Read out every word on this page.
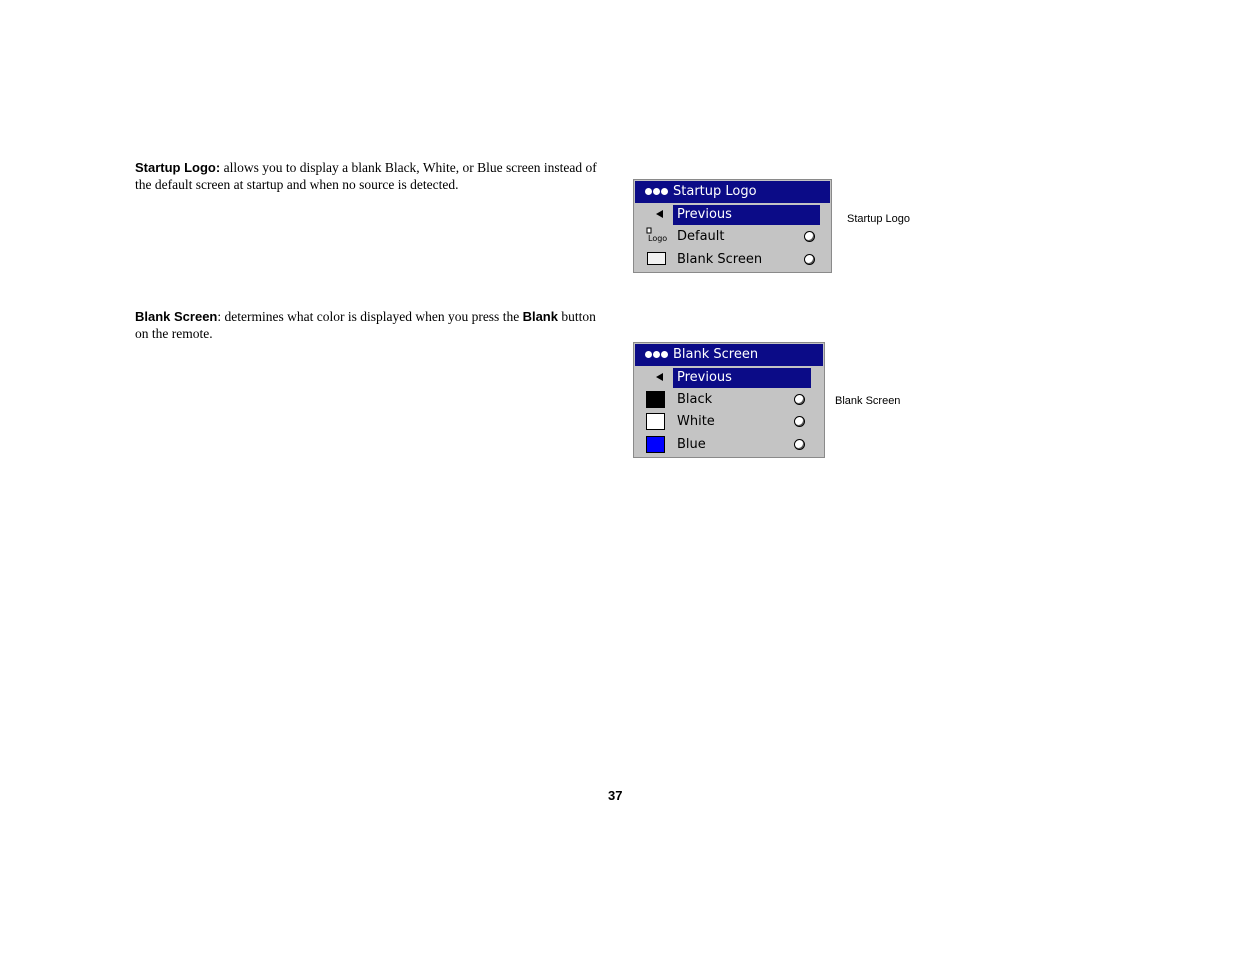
Startup Logo: allows you to display a blank Black, White, or Blue screen instead of the default screen at startup and when no source is detected.
Blank Screen: determines what color is displayed when you press the Blank button on the remote.
Startup Logo
Previous
Logo Default
Blank Screen
Blank Screen
Previous
Black
White
Blue
Startup Logo
Blank Screen
37
